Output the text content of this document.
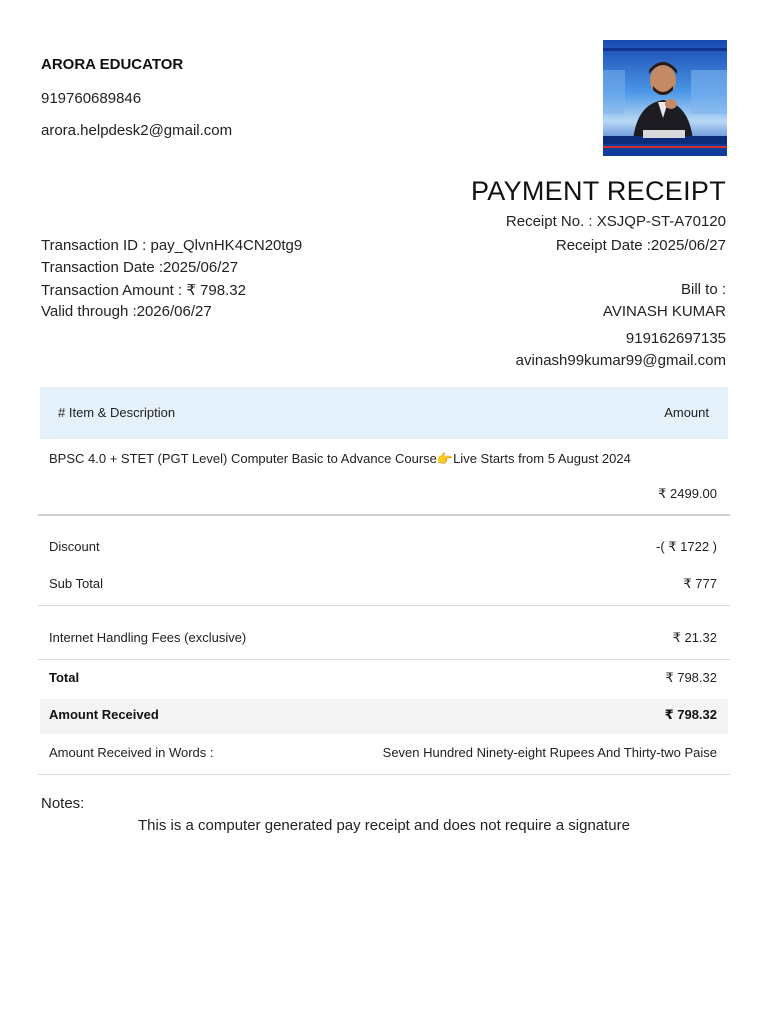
ARORA EDUCATOR
919760689846
arora.helpdesk2@gmail.com
PAYMENT RECEIPT
Receipt No. : XSJQP-ST-A70120
Receipt Date :2025/06/27
Transaction ID : pay_QlvnHK4CN20tg9
Transaction Date :2025/06/27
Transaction Amount : ₹ 798.32
Valid through :2026/06/27
Bill to :
AVINASH KUMAR
919162697135
avinash99kumar99@gmail.com
# Item & Description	Amount
BPSC 4.0 + STET (PGT Level) Computer Basic to Advance Course👉Live Starts from 5 August 2024
₹ 2499.00
Discount	-( ₹ 1722 )
Sub Total	₹ 777
Internet Handling Fees (exclusive)	₹ 21.32
Total	₹ 798.32
Amount Received	₹ 798.32
Amount Received in Words :	Seven Hundred Ninety-eight Rupees And Thirty-two Paise
Notes:
This is a computer generated pay receipt and does not require a signature
